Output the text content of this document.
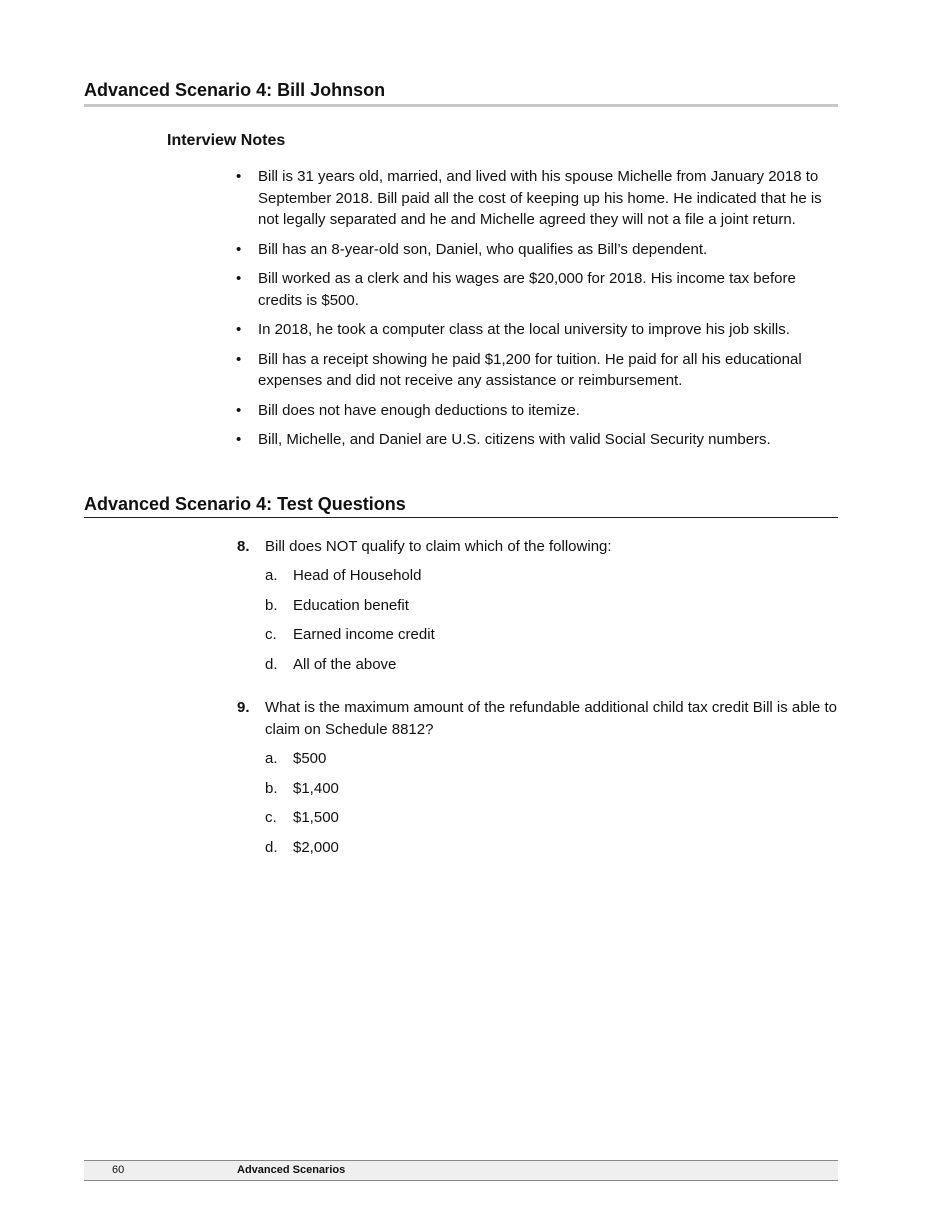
Advanced Scenario 4: Bill Johnson
Interview Notes
• Bill is 31 years old, married, and lived with his spouse Michelle from January 2018 to September 2018. Bill paid all the cost of keeping up his home. He indicated that he is not legally separated and he and Michelle agreed they will not a file a joint return.
• Bill has an 8-year-old son, Daniel, who qualifies as Bill’s dependent.
• Bill worked as a clerk and his wages are $20,000 for 2018. His income tax before credits is $500.
• In 2018, he took a computer class at the local university to improve his job skills.
• Bill has a receipt showing he paid $1,200 for tuition. He paid for all his educational expenses and did not receive any assistance or reimbursement.
• Bill does not have enough deductions to itemize.
• Bill, Michelle, and Daniel are U.S. citizens with valid Social Security numbers.
Advanced Scenario 4: Test Questions
8. Bill does NOT qualify to claim which of the following:
a. Head of Household
b. Education benefit
c. Earned income credit
d. All of the above
9. What is the maximum amount of the refundable additional child tax credit Bill is able to claim on Schedule 8812?
a. $500
b. $1,400
c. $1,500
d. $2,000
60	Advanced Scenarios
